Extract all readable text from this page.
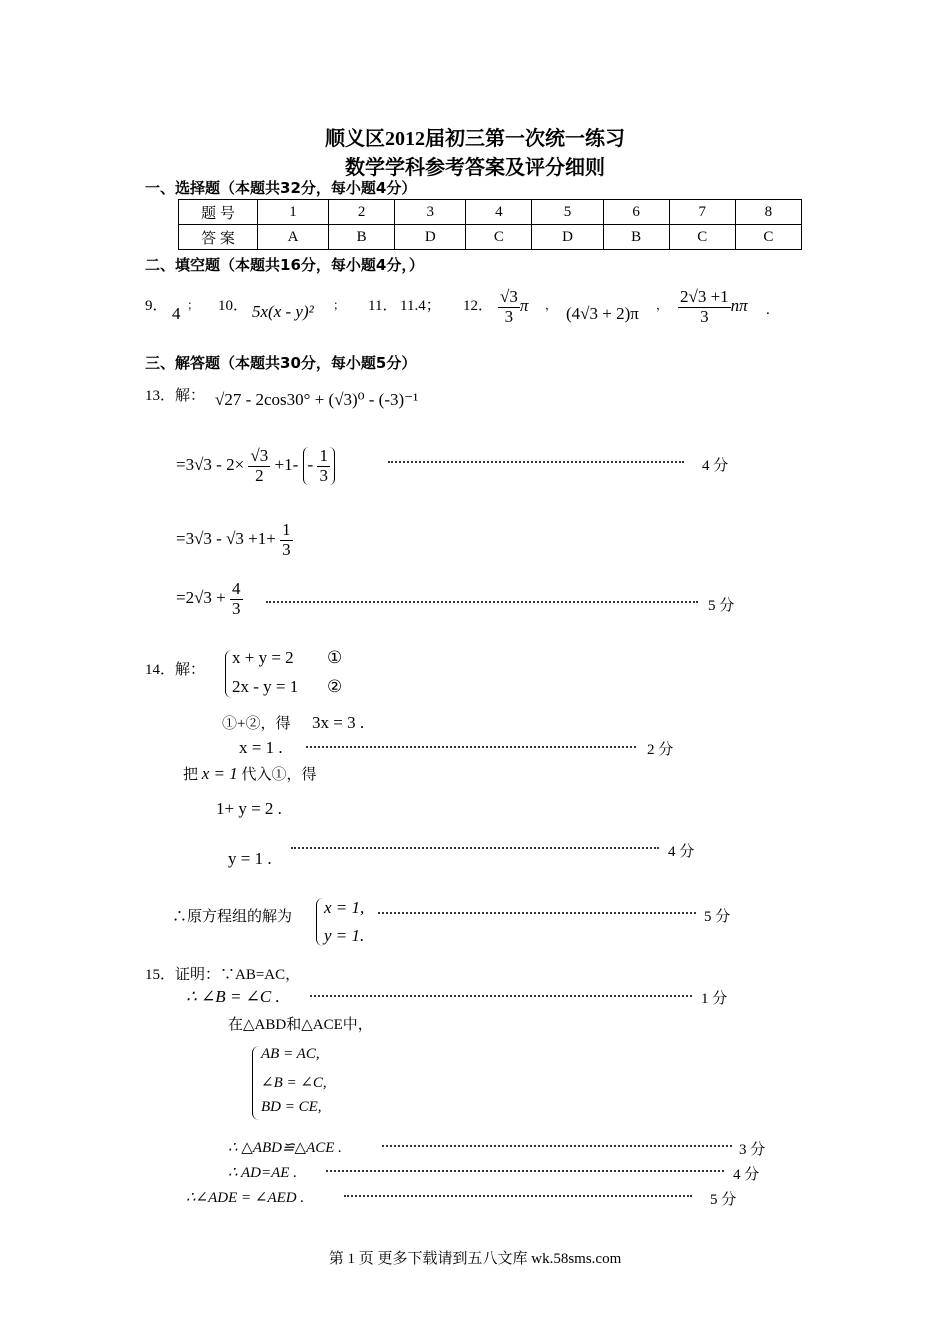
顺义区2012届初三第一次统一练习
数学学科参考答案及评分细则
一、选择题（本题共32分，每小题4分）
题 号	1	2	3	4	5	6	7	8
答 案	A	B	D	C	D	B	C	C
二、填空题（本题共16分，每小题4分，）
9． 4 ； 10． 5x(x - y)² ； 11． 11.4； 12． $\frac{√3}{3}$ π ， (4√3 + 2)π ， $\frac{2√3 +1}{3}$ nπ .
三、解答题（本题共30分，每小题5分）
13．解： √27 - 2cos30° + (√3)⁰ - (-3)⁻¹
$=3√3 - 2\times \frac{√3}{2} +1- - \frac{1}{3}$	4 分
$=3√3 - √3 +1+ \frac{1}{3}$
$=2√3 + \frac{4}{3}$	5 分
14．解：
x + y = 2 ①
2x - y = 1 ②
①+②，得 3x = 3 .
x = 1 .	2 分
把 x = 1 代入①，得
1+ y = 2 .
y = 1 .	4 分
∴原方程组的解为 x = 1,
y = 1.
5 分
15．证明：∵AB=AC，
∴ ∠B = ∠C .	1 分
在△ABD和△ACE中，
AB = AC,
∠B = ∠C,
BD = CE,
∴ △ABD≌△ACE .	3 分
∴ AD=AE .	4 分
∴∠ADE = ∠AED .	5 分
第 1 页 更多下载请到五八文库 wk.58sms.com
